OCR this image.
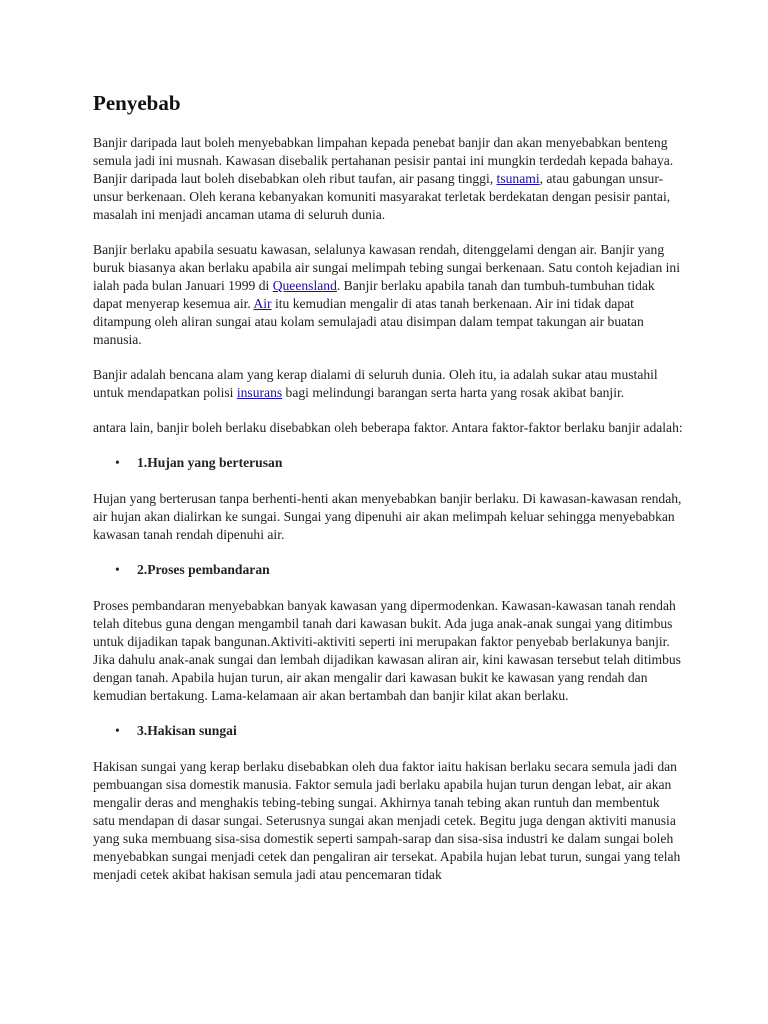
Penyebab

Banjir daripada laut boleh menyebabkan limpahan kepada penebat banjir dan akan menyebabkan benteng semula jadi ini musnah. Kawasan disebalik pertahanan pesisir pantai ini mungkin terdedah kepada bahaya. Banjir daripada laut boleh disebabkan oleh ribut taufan, air pasang tinggi, tsunami, atau gabungan unsur-unsur berkenaan. Oleh kerana kebanyakan komuniti masyarakat terletak berdekatan dengan pesisir pantai, masalah ini menjadi ancaman utama di seluruh dunia.

Banjir berlaku apabila sesuatu kawasan, selalunya kawasan rendah, ditenggelami dengan air. Banjir yang buruk biasanya akan berlaku apabila air sungai melimpah tebing sungai berkenaan. Satu contoh kejadian ini ialah pada bulan Januari 1999 di Queensland. Banjir berlaku apabila tanah dan tumbuh-tumbuhan tidak dapat menyerap kesemua air. Air itu kemudian mengalir di atas tanah berkenaan. Air ini tidak dapat ditampung oleh aliran sungai atau kolam semulajadi atau disimpan dalam tempat takungan air buatan manusia.

Banjir adalah bencana alam yang kerap dialami di seluruh dunia. Oleh itu, ia adalah sukar atau mustahil untuk mendapatkan polisi insurans bagi melindungi barangan serta harta yang rosak akibat banjir.

antara lain, banjir boleh berlaku disebabkan oleh beberapa faktor. Antara faktor-faktor berlaku banjir adalah:

• 1.Hujan yang berterusan

Hujan yang berterusan tanpa berhenti-henti akan menyebabkan banjir berlaku. Di kawasan-kawasan rendah, air hujan akan dialirkan ke sungai. Sungai yang dipenuhi air akan melimpah keluar sehingga menyebabkan kawasan tanah rendah dipenuhi air.

• 2.Proses pembandaran

Proses pembandaran menyebabkan banyak kawasan yang dipermodenkan. Kawasan-kawasan tanah rendah telah ditebus guna dengan mengambil tanah dari kawasan bukit. Ada juga anak-anak sungai yang ditimbus untuk dijadikan tapak bangunan.Aktiviti-aktiviti seperti ini merupakan faktor penyebab berlakunya banjir. Jika dahulu anak-anak sungai dan lembah dijadikan kawasan aliran air, kini kawasan tersebut telah ditimbus dengan tanah. Apabila hujan turun, air akan mengalir dari kawasan bukit ke kawasan yang rendah dan kemudian bertakung. Lama-kelamaan air akan bertambah dan banjir kilat akan berlaku.

• 3.Hakisan sungai

Hakisan sungai yang kerap berlaku disebabkan oleh dua faktor iaitu hakisan berlaku secara semula jadi dan pembuangan sisa domestik manusia. Faktor semula jadi berlaku apabila hujan turun dengan lebat, air akan mengalir deras and menghakis tebing-tebing sungai. Akhirnya tanah tebing akan runtuh dan membentuk satu mendapan di dasar sungai. Seterusnya sungai akan menjadi cetek. Begitu juga dengan aktiviti manusia yang suka membuang sisa-sisa domestik seperti sampah-sarap dan sisa-sisa industri ke dalam sungai boleh menyebabkan sungai menjadi cetek dan pengaliran air tersekat. Apabila hujan lebat turun, sungai yang telah menjadi cetek akibat hakisan semula jadi atau pencemaran tidak
